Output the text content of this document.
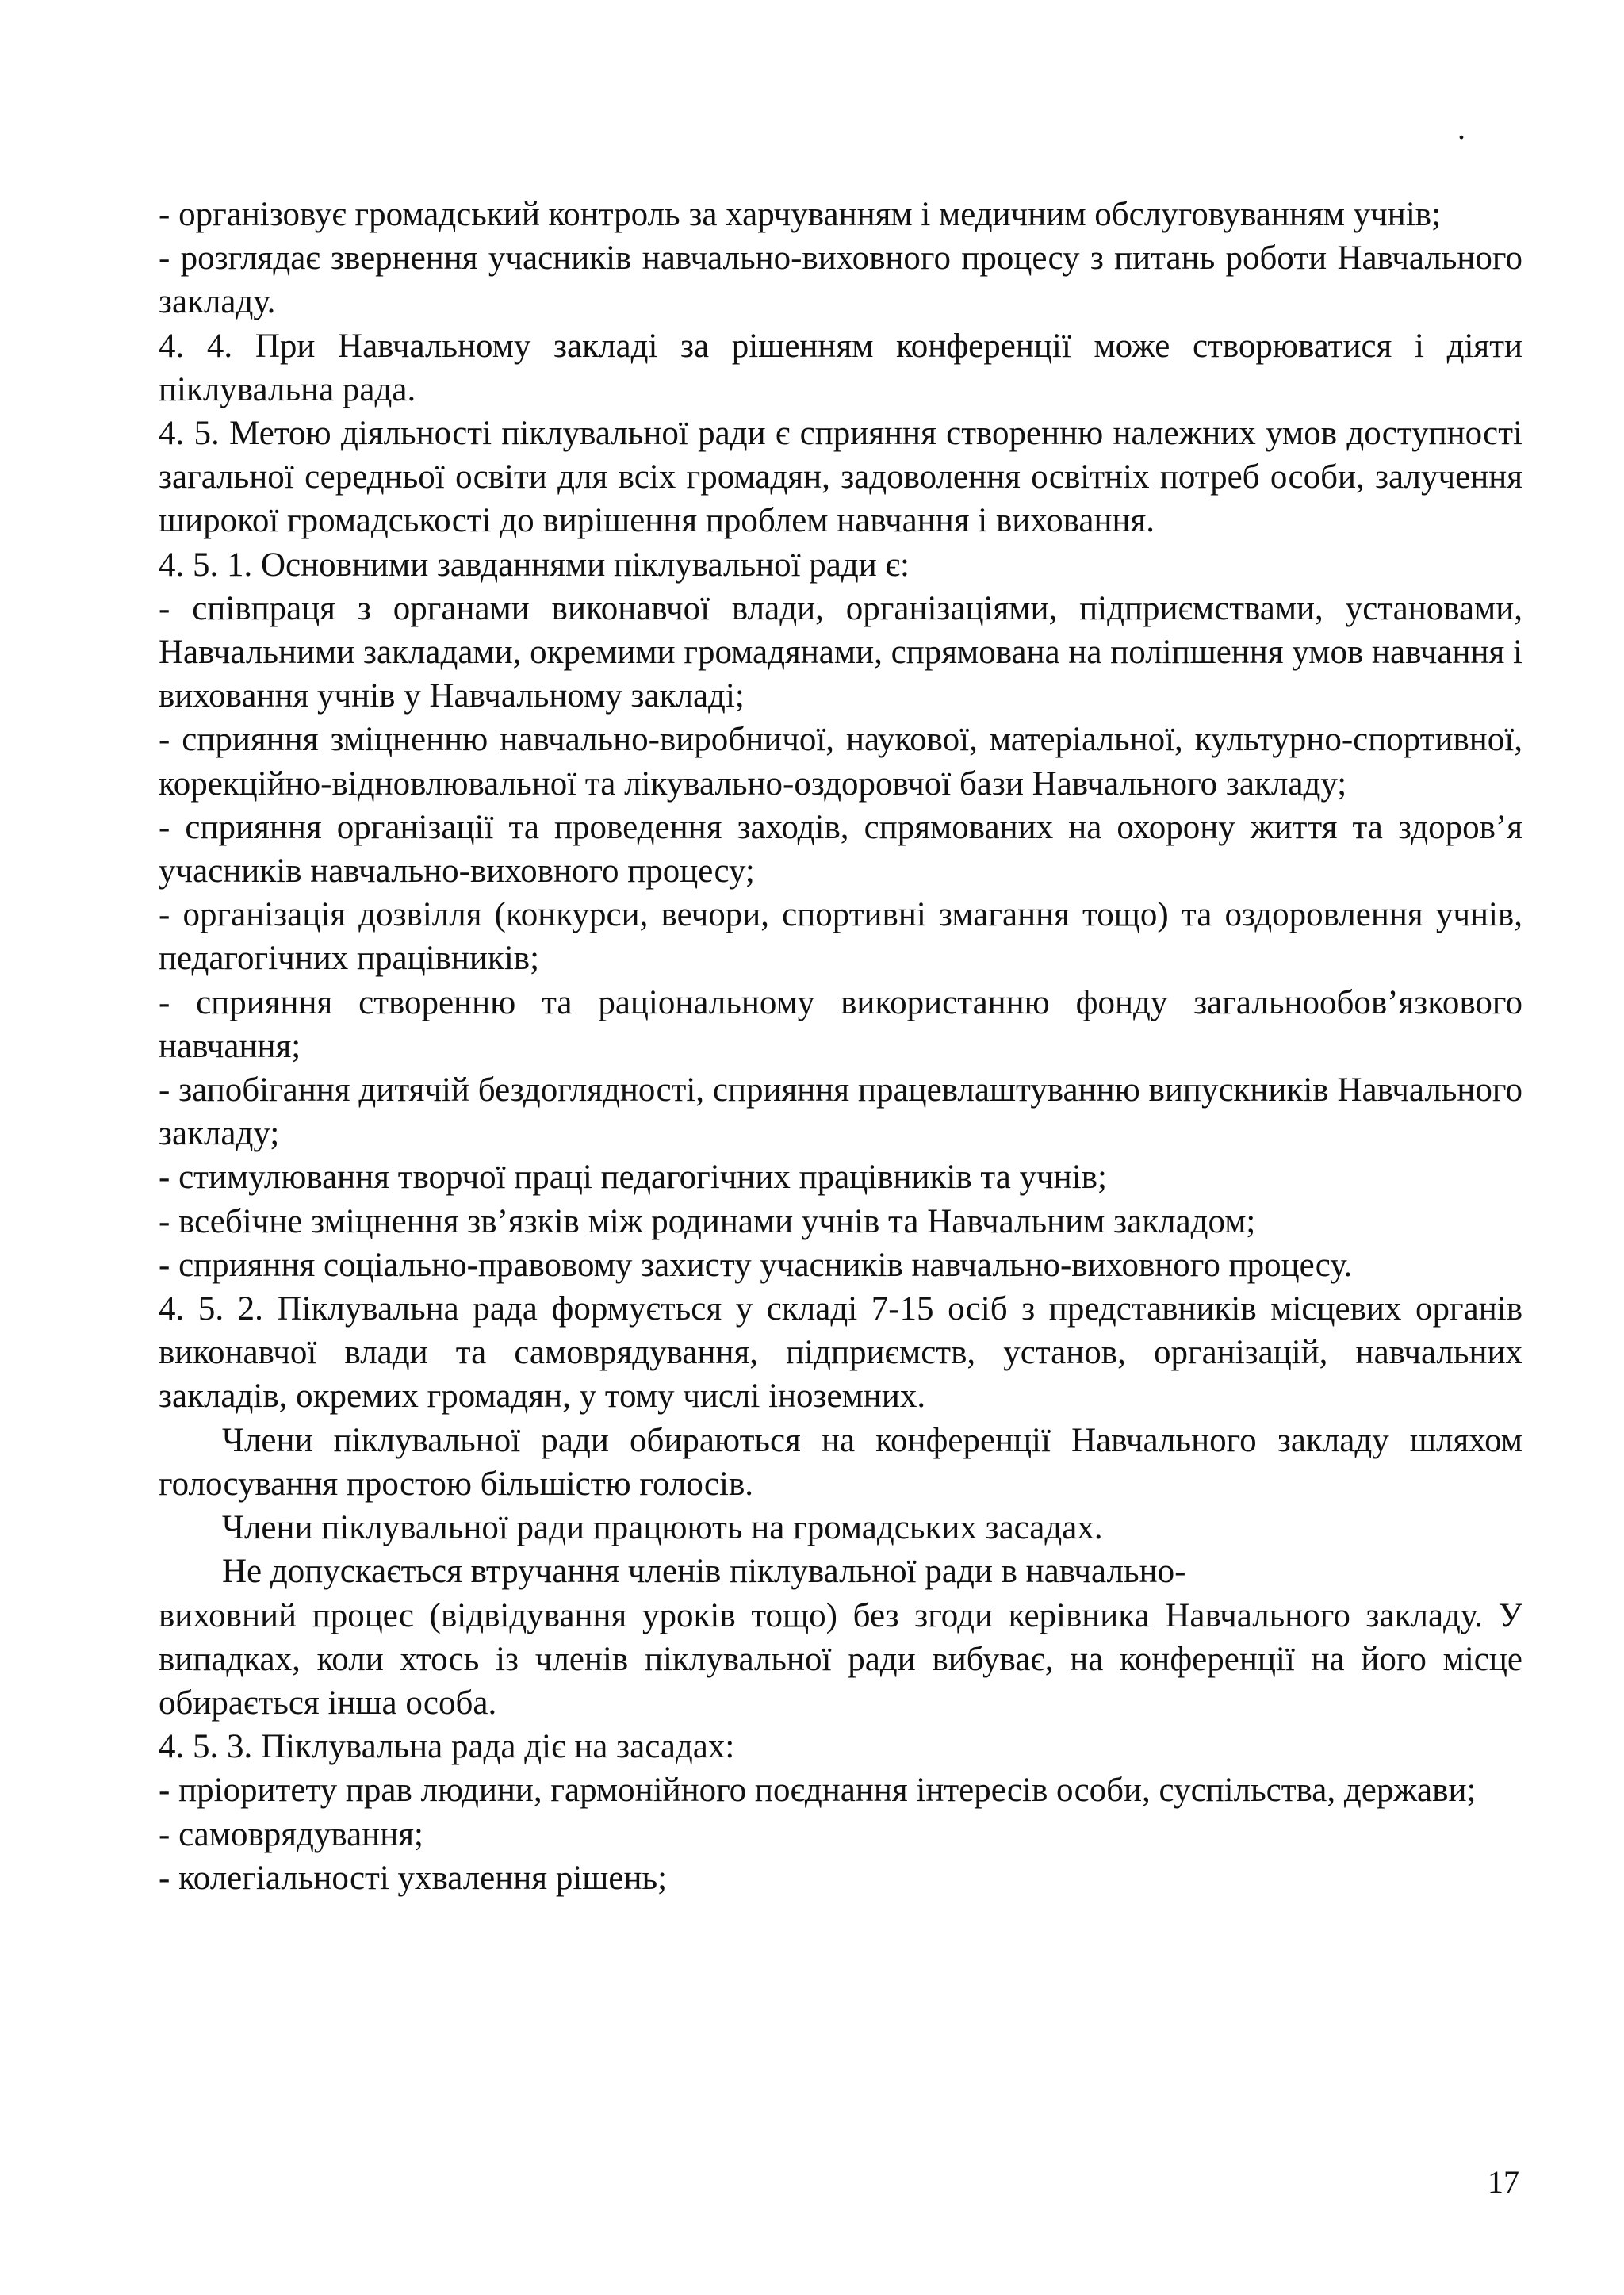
.

- організовує громадський контроль за харчуванням і медичним обслуговуванням учнів;

- розглядає звернення учасників навчально-виховного процесу з питань роботи Навчального закладу.

4. 4. При Навчальному закладі за рішенням конференції може створюватися і діяти піклувальна рада.

4. 5. Метою діяльності піклувальної ради є сприяння створенню належних умов доступності загальної середньої освіти для всіх громадян, задоволення освітніх потреб особи, залучення широкої громадськості до вирішення проблем навчання і виховання.

4. 5. 1. Основними завданнями піклувальної ради є:

- співпраця з органами виконавчої влади, організаціями, підприємствами, установами, Навчальними закладами, окремими громадянами, спрямована на поліпшення умов навчання і виховання учнів у Навчальному закладі;

- сприяння зміцненню навчально-виробничої, наукової, матеріальної, культурно-спортивної, корекційно-відновлювальної та лікувально-оздоровчої бази Навчального закладу;

- сприяння організації та проведення заходів, спрямованих на охорону життя та здоров’я учасників навчально-виховного процесу;

- організація дозвілля (конкурси, вечори, спортивні змагання тощо) та оздоровлення учнів, педагогічних працівників;

- сприяння створенню та раціональному використанню фонду загальнообов’язкового навчання;

- запобігання дитячій бездоглядності, сприяння працевлаштуванню випускників Навчального закладу;

- стимулювання творчої праці педагогічних працівників та учнів;

- всебічне зміцнення зв’язків між родинами учнів та Навчальним закладом;

- сприяння соціально-правовому захисту учасників навчально-виховного процесу.

4. 5. 2. Піклувальна рада формується у складі 7-15 осіб з представників місцевих органів виконавчої влади та самоврядування, підприємств, установ, організацій, навчальних закладів, окремих громадян, у тому числі іноземних.

Члени піклувальної ради обираються на конференції Навчального закладу шляхом голосування простою більшістю голосів.

Члени піклувальної ради працюють на громадських засадах.

Не допускається втручання членів піклувальної ради в навчально-

виховний процес (відвідування уроків тощо) без згоди керівника Навчального закладу. У випадках, коли хтось із членів піклувальної ради вибуває, на конференції на його місце обирається інша особа.

4. 5. 3. Піклувальна рада діє на засадах:

- пріоритету прав людини, гармонійного поєднання інтересів особи, суспільства, держави;

- самоврядування;

- колегіальності ухвалення рішень;

17
